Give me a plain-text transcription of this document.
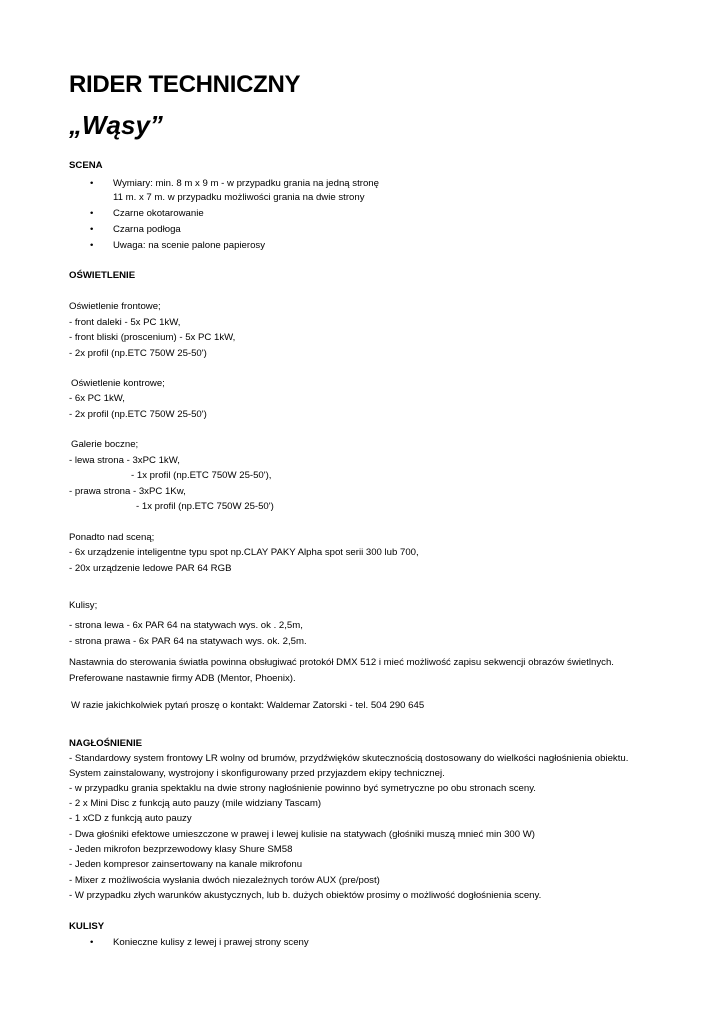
RIDER TECHNICZNY
„Wąsy”
SCENA
• Wymiary: min. 8 m x 9 m - w przypadku grania na jedną stronę
11 m. x 7 m. w przypadku możliwości grania na dwie strony
• Czarne okotarowanie
• Czarna podłoga
• Uwaga: na scenie palone papierosy
OŚWIETLENIE
Oświetlenie frontowe;
- front daleki - 5x PC 1kW,
- front bliski (proscenium) - 5x PC 1kW,
- 2x profil (np.ETC 750W 25-50')
Oświetlenie kontrowe;
- 6x PC 1kW,
- 2x profil (np.ETC 750W 25-50')
Galerie boczne;
- lewa strona - 3xPC 1kW,
- 1x profil (np.ETC 750W 25-50'),
- prawa strona - 3xPC 1Kw,
- 1x profil (np.ETC 750W 25-50')
Ponadto nad sceną;
- 6x urządzenie inteligentne typu spot np.CLAY PAKY Alpha spot serii 300 lub 700,
- 20x urządzenie ledowe PAR 64 RGB
Kulisy;
- strona lewa - 6x PAR 64 na statywach wys. ok . 2,5m,
- strona prawa - 6x PAR 64 na statywach wys. ok. 2,5m.
Nastawnia do sterowania światła powinna obsługiwać protokół DMX 512 i mieć możliwość zapisu sekwencji obrazów świetlnych.
Preferowane nastawnie firmy ADB (Mentor, Phoenix).
W razie jakichkolwiek pytań proszę o kontakt: Waldemar Zatorski - tel. 504 290 645
NAGŁOŚNIENIE
- Standardowy system frontowy LR wolny od brumów, przydźwięków skutecznością dostosowany do wielkości nagłośnienia obiektu.
System zainstalowany, wystrojony i skonfigurowany przed przyjazdem ekipy technicznej.
- w przypadku grania spektaklu na dwie strony nagłośnienie powinno być symetryczne po obu stronach sceny.
- 2 x Mini Disc z funkcją auto pauzy (mile widziany Tascam)
- 1 xCD z funkcją auto pauzy
- Dwa głośniki efektowe umieszczone w prawej i lewej kulisie na statywach (głośniki muszą mnieć min 300 W)
- Jeden mikrofon bezprzewodowy klasy Shure SM58
- Jeden kompresor zainsertowany na kanale mikrofonu
- Mixer z możliwościa wysłania dwóch niezależnych torów AUX (pre/post)
- W przypadku złych warunków akustycznych, lub b. dużych obiektów prosimy o możliwość dogłośnienia sceny.
KULISY
• Konieczne kulisy z lewej i prawej strony sceny
